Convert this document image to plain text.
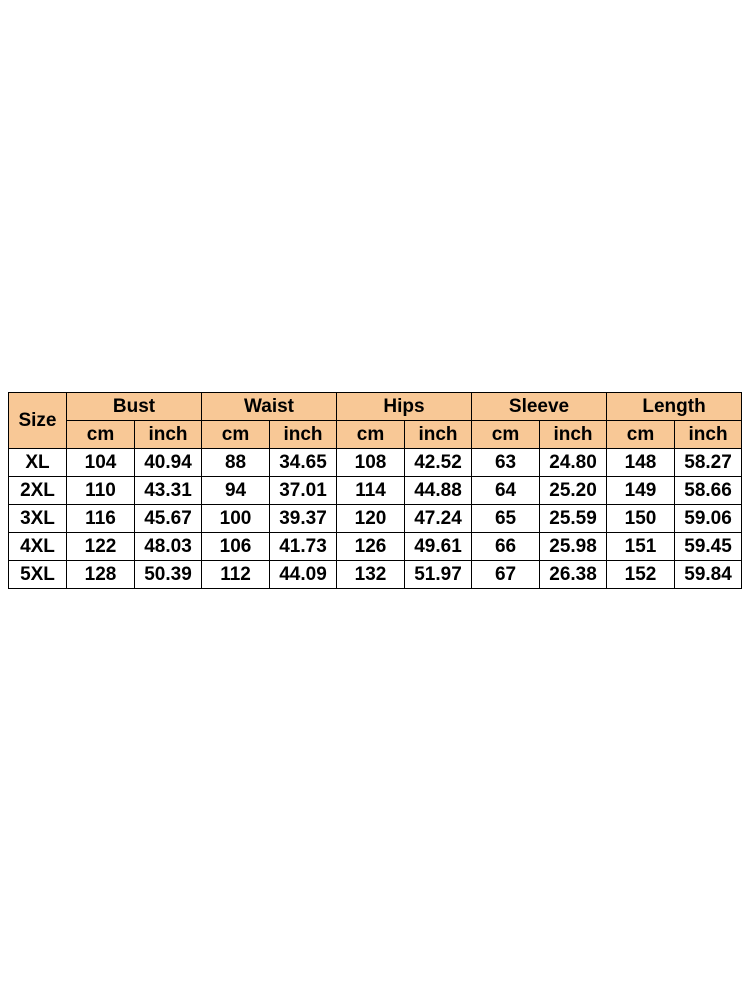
Size	Bust		Waist		Hips		Sleeve		Length	
	cm	inch	cm	inch	cm	inch	cm	inch	cm	inch
XL	104	40.94	88	34.65	108	42.52	63	24.80	148	58.27
2XL	110	43.31	94	37.01	114	44.88	64	25.20	149	58.66
3XL	116	45.67	100	39.37	120	47.24	65	25.59	150	59.06
4XL	122	48.03	106	41.73	126	49.61	66	25.98	151	59.45
5XL	128	50.39	112	44.09	132	51.97	67	26.38	152	59.84
